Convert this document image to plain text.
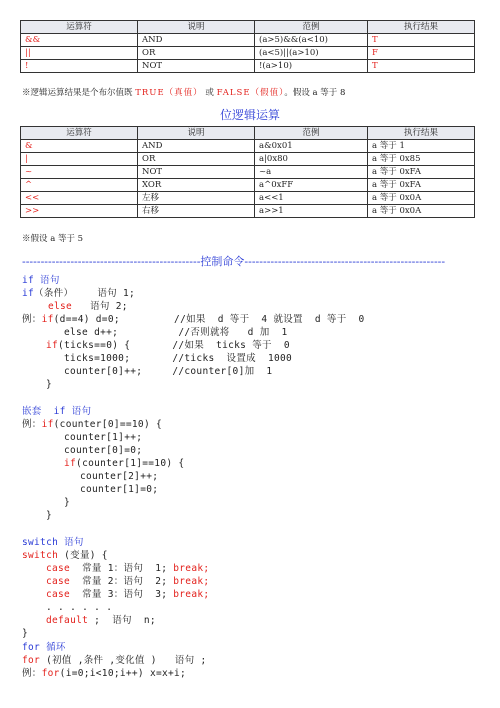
运算符	说明	范例	执行结果
&&	AND	(a>5)&&(a<10)	T
||	OR	(a<5)||(a>10)	F
!	NOT	!(a>10)	T
※逻辑运算结果是个布尔值既 TRUE（真值） 或 FALSE（假值）。假设 a 等于 8
位逻辑运算
运算符	说明	范例	执行结果
&	AND	a&0x01	a 等于 1
|	OR	a|0x80	a 等于 0x85
~	NOT	~a	a 等于 0xFA
^	XOR	a^0xFF	a 等于 0xFA
<<	左移	a<<1	a 等于 0x0A
>>	右移	a>>1	a 等于 0x0A
※假设 a 等于 5
------------------------------------------------控制命令------------------------------------------------------
if 语句
if（条件）    语句 1;
else   语句 2;
例：if(d==4) d=0;         //如果  d 等于  4 就设置  d 等于  0
else d++;          //否则就将   d 加  1
if(ticks==0) {       //如果  ticks 等于  0
ticks=1000;       //ticks  设置成  1000
counter[0]++;     //counter[0]加  1
}
嵌套  if 语句
例：if(counter[0]==10) {
counter[1]++;
counter[0]=0;
if(counter[1]==10) {
counter[2]++;
counter[1]=0;
}
}
switch 语句
switch (变量) {
case  常量 1：语句  1; break;
case  常量 2：语句  2; break;
case  常量 3：语句  3; break;
. . . . . .
default ;  语句  n;
}
for 循环
for (初值 ,条件 ,变化值 )   语句 ;
例：for(i=0;i<10;i++) x=x+i;
